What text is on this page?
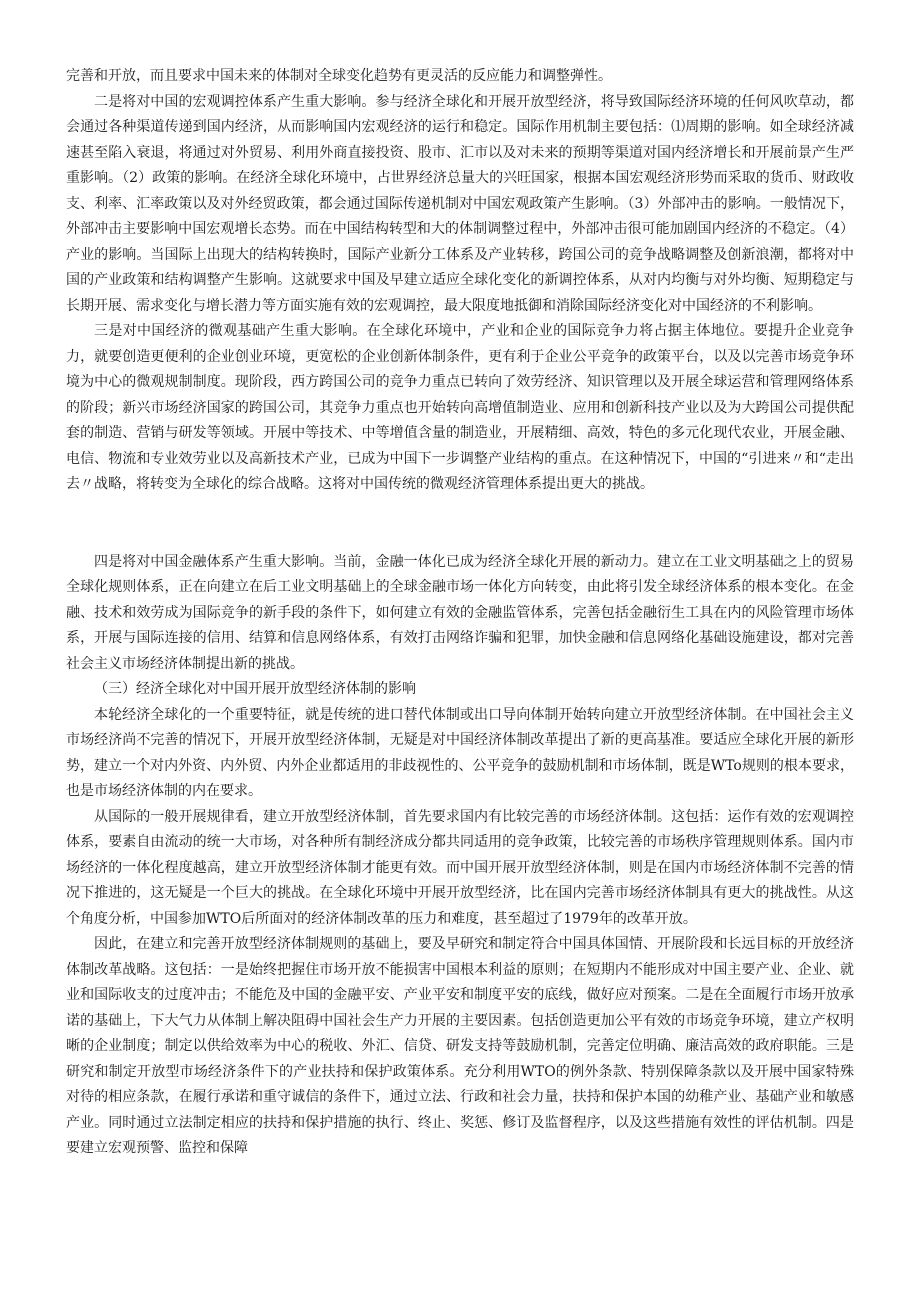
完善和开放，而且要求中国未来的体制对全球变化趋势有更灵活的反应能力和调整弹性。

二是将对中国的宏观调控体系产生重大影响。参与经济全球化和开展开放型经济，将导致国际经济环境的任何风吹草动，都会通过各种渠道传递到国内经济，从而影响国内宏观经济的运行和稳定。国际作用机制主要包括：⑴周期的影响。如全球经济减速甚至陷入衰退，将通过对外贸易、利用外商直接投资、股市、汇市以及对未来的预期等渠道对国内经济增长和开展前景产生严重影响。（2）政策的影响。在经济全球化环境中，占世界经济总量大的兴旺国家，根据本国宏观经济形势而采取的货币、财政收支、利率、汇率政策以及对外经贸政策，都会通过国际传递机制对中国宏观政策产生影响。（3）外部冲击的影响。一般情况下，外部冲击主要影响中国宏观增长态势。而在中国结构转型和大的体制调整过程中，外部冲击很可能加剧国内经济的不稳定。（4）产业的影响。当国际上出现大的结构转换时，国际产业新分工体系及产业转移，跨国公司的竞争战略调整及创新浪潮，都将对中国的产业政策和结构调整产生影响。这就要求中国及早建立适应全球化变化的新调控体系，从对内均衡与对外均衡、短期稳定与长期开展、需求变化与增长潜力等方面实施有效的宏观调控，最大限度地抵御和消除国际经济变化对中国经济的不利影响。

三是对中国经济的微观基础产生重大影响。在全球化环境中，产业和企业的国际竞争力将占据主体地位。要提升企业竞争力，就要创造更便利的企业创业环境，更宽松的企业创新体制条件，更有利于企业公平竞争的政策平台，以及以完善市场竞争环境为中心的微观规制制度。现阶段，西方跨国公司的竞争力重点已转向了效劳经济、知识管理以及开展全球运营和管理网络体系的阶段；新兴市场经济国家的跨国公司，其竞争力重点也开始转向高增值制造业、应用和创新科技产业以及为大跨国公司提供配套的制造、营销与研发等领域。开展中等技术、中等增值含量的制造业，开展精细、高效，特色的多元化现代农业，开展金融、电信、物流和专业效劳业以及高新技术产业，已成为中国下一步调整产业结构的重点。在这种情况下，中国的“引进来〃和“走出去〃战略，将转变为全球化的综合战略。这将对中国传统的微观经济管理体系提出更大的挑战。

四是将对中国金融体系产生重大影响。当前，金融一体化已成为经济全球化开展的新动力。建立在工业文明基础之上的贸易全球化规则体系，正在向建立在后工业文明基础上的全球金融市场一体化方向转变，由此将引发全球经济体系的根本变化。在金融、技术和效劳成为国际竞争的新手段的条件下，如何建立有效的金融监管体系，完善包括金融衍生工具在内的风险管理市场体系，开展与国际连接的信用、结算和信息网络体系，有效打击网络诈骗和犯罪，加快金融和信息网络化基础设施建设，都对完善社会主义市场经济体制提出新的挑战。

（三）经济全球化对中国开展开放型经济体制的影响

本轮经济全球化的一个重要特征，就是传统的进口替代体制或出口导向体制开始转向建立开放型经济体制。在中国社会主义市场经济尚不完善的情况下，开展开放型经济体制，无疑是对中国经济体制改革提出了新的更高基准。要适应全球化开展的新形势，建立一个对内外资、内外贸、内外企业都适用的非歧视性的、公平竞争的鼓励机制和市场体制，既是WTo规则的根本要求，也是市场经济体制的内在要求。

从国际的一般开展规律看，建立开放型经济体制，首先要求国内有比较完善的市场经济体制。这包括：运作有效的宏观调控体系，要素自由流动的统一大市场，对各种所有制经济成分都共同适用的竞争政策，比较完善的市场秩序管理规则体系。国内市场经济的一体化程度越高，建立开放型经济体制才能更有效。而中国开展开放型经济体制，则是在国内市场经济体制不完善的情况下推进的，这无疑是一个巨大的挑战。在全球化环境中开展开放型经济，比在国内完善市场经济体制具有更大的挑战性。从这个角度分析，中国参加WTO后所面对的经济体制改革的压力和难度，甚至超过了1979年的改革开放。

因此，在建立和完善开放型经济体制规则的基础上，要及早研究和制定符合中国具体国情、开展阶段和长远目标的开放经济体制改革战略。这包括：一是始终把握住市场开放不能损害中国根本利益的原则；在短期内不能形成对中国主要产业、企业、就业和国际收支的过度冲击；不能危及中国的金融平安、产业平安和制度平安的底线，做好应对预案。二是在全面履行市场开放承诺的基础上，下大气力从体制上解决阻碍中国社会生产力开展的主要因素。包括创造更加公平有效的市场竞争环境，建立产权明晰的企业制度；制定以供给效率为中心的税收、外汇、信贷、研发支持等鼓励机制，完善定位明确、廉洁高效的政府职能。三是研究和制定开放型市场经济条件下的产业扶持和保护政策体系。充分利用WTO的例外条款、特别保障条款以及开展中国家特殊对待的相应条款，在履行承诺和重守诚信的条件下，通过立法、行政和社会力量，扶持和保护本国的幼稚产业、基础产业和敏感产业。同时通过立法制定相应的扶持和保护措施的执行、终止、奖惩、修订及监督程序，以及这些措施有效性的评估机制。四是要建立宏观预警、监控和保障
